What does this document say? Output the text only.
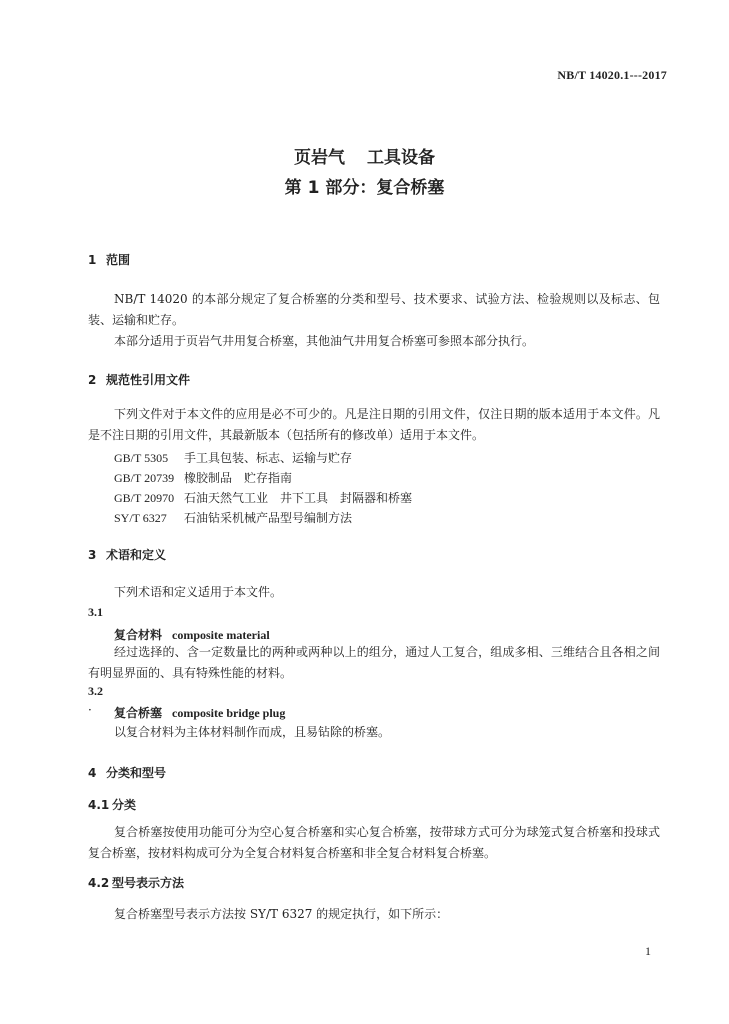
NB/T 14020.1---2017
页岩气 工具设备
第 1 部分：复合桥塞
1 范围
NB/T 14020 的本部分规定了复合桥塞的分类和型号、技术要求、试验方法、检验规则以及标志、包装、运输和贮存。
本部分适用于页岩气井用复合桥塞，其他油气井用复合桥塞可参照本部分执行。
2 规范性引用文件
下列文件对于本文件的应用是必不可少的。凡是注日期的引用文件，仅注日期的版本适用于本文件。凡是不注日期的引用文件，其最新版本（包括所有的修改单）适用于本文件。
GB/T 5305 手工具包装、标志、运输与贮存
GB/T 20739 橡胶制品　贮存指南
GB/T 20970 石油天然气工业　井下工具　封隔器和桥塞
SY/T 6327 石油钻采机械产品型号编制方法
3 术语和定义
下列术语和定义适用于本文件。
3.1
复合材料 composite material
经过选择的、含一定数量比的两种或两种以上的组分，通过人工复合，组成多相、三维结合且各相之间有明显界面的、具有特殊性能的材料。
3.2
· 复合桥塞 composite bridge plug
以复合材料为主体材料制作而成，且易钻除的桥塞。
4 分类和型号
4.1 分类
复合桥塞按使用功能可分为空心复合桥塞和实心复合桥塞，按带球方式可分为球笼式复合桥塞和投球式复合桥塞，按材料构成可分为全复合材料复合桥塞和非全复合材料复合桥塞。
4.2 型号表示方法
复合桥塞型号表示方法按 SY/T 6327 的规定执行，如下所示：
1
